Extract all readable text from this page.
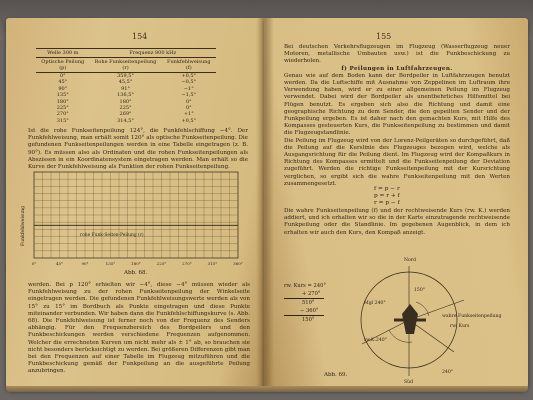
154
Welle 300 m	Frequenz 800 kHz	
Optische Peilung (p)	Rohe Funkseitenpeilung (r)	Funkfehlweisung (f)
0°	359,5°	+0,5°
45°	45,5°	−0,5°
90°	91°	−1°
135°	136,5°	−1,5°
180°	180°	0°
225°	225°	0°
270°	269°	+1°
315°	314,5°	+0,5°

Ist die rohe Funkseitenpeilung 124°, die Funkfehlschiffung −4°. Der Funkfehlweisung, man erhält somit 120° als optische Funkseitenpeilung. Die gefundenen Funkseitenpeilungen werden in eine Tabelle eingetragen (z. B. 90°). Es müssen also als Ordinaten und die rohen Funkseitenpeilungen als Abszissen in ein Koordinatensystem eingetragen werden. Man erhält so die Kurve der Funkfehlweisung als Funktion der rohen Funkseitenpeilung.

0°	45°	90°	135°	180°	225°	270°	315°	360°
Funkfehlweisung	rohe Funk-Seiten-Peilung (r)
Abb. 68.

werden. Bei p 120° erhielten wir −4°, diese −4° müssen wieder als Funkfehlweisung zu der rohen Funkseitenpeilung der Winkelseite eingetragen werden. Die gefundenen Funkfehlweisungswerte werden als von 15° zu 15° im Bordbuch als Punkte eingetragen und diese Punkte miteinander verbunden. Wir haben dann die Funkfehlschiffungskurve (s. Abb. 68). Die Funkfehlweisung ist ferner noch von der Frequenz des Senders abhängig. Für den Frequenzbereich des Bordpeilers und den Funkbeschickungen werden verschiedene Frequenzen aufgenommen. Welcher die errechneten Kurven um nicht mehr als ± 1° ab, so brauchen sie nicht besonders berücksichtigt zu werden. Bei größeren Differenzen gibt man bei den Frequenzen auf einer Tabelle im Flugzeug mitzuführen und die Funkbeschickung gemäß der Funkpeilung an die ausgeführte Peilung anzubringen.

155

Bei deutschen Verkehrsflugzeugen im Flugzeug (Wasserflugzeug neuer Motoren, metallische Umbauten usw.) ist die Funkbeschickung zu wiederholen.

f) Peilungen in Luftfahrzeugen.

Genau wie auf dem Boden kann der Bordpeiler in Luftfahrzeugen benutzt werden. Da die Luftschiffe mit Ausnahme von Zeppelinen im Luftraum ihre Verwendung haben, wird er zu einer allgemeinen Peilung im Flugzeug verwendet. Dabei wird der Bordpeiler als unentbehrliches Hilfsmittel bei Flügen benutzt. Es ergeben sich also die Richtung und damit eine geographische Richtung zu dem Sender, die den gepeilten Sender und der Funkpeilung ergeben. Es ist daher nach den gemachten Kurs, mit Hilfe des Kompasses gesteuerten Kurs, die Funkseitenpeilung zu bestimmen und damit die Flugzeugstandlinie.

Die Peilung im Flugzeug wird von der Lorenz-Peilgeräten so durchgeführt, daß die Peilung auf die Kurslinie des Flugzeuges bezogen wird, welche als Ausgangsrichtung für die Peilung dient. Im Flugzeug wird der Kompaßkurs in Richtung des Kompasses ermittelt und die Funkseitenpeilung der Deviation zugeführt. Werden die richtige Funkseitenpeilung mit der Kursrichtung verglichen, so ergibt sich die wahre Funkseitenpeilung mit den Werten zusammengesetzt.

f = p − r
p = r + f
r = p − f

Die wahre Funkseitenpeilung (f) und der rechtweisende Kurs (rw. K.) werden addiert, und ich erhalten wir so die in der Karte einzutragende rechtweisende Funkpeilung oder die Standlinie. Im gegebenen Augenblick, in dem ich erhalten wir auch den Kurs, den Kompaß anzeigt.

rw. Kurs = 240°
+ 270°
510°
− 360°
150°
Nord
Süd
wahre Funkseitenpeilung
rw. Kurs
Mgl 240°
150°
rw.K.240°
240°
Abb. 69.
